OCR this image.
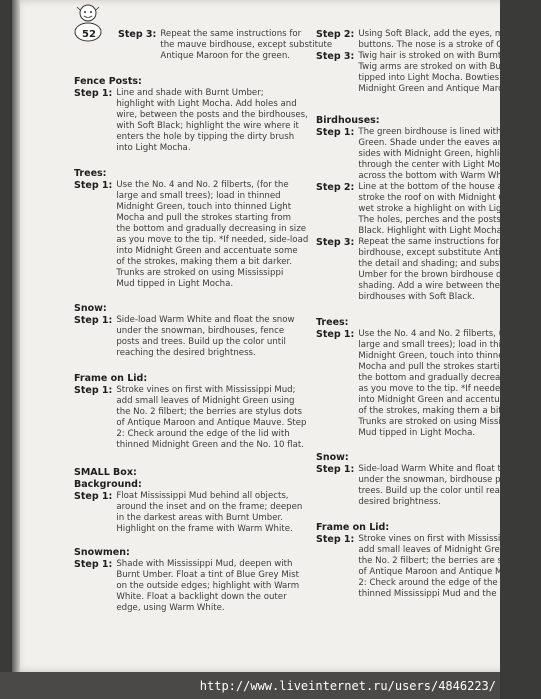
52	Step 3: Repeat the same instructions for
the mauve birdhouse, except substitute
Antique Maroon for the green.
Fence Posts:
Step 1: Line and shade with Burnt Umber;
highlight with Light Mocha. Add holes and
wire, between the posts and the birdhouses,
with Soft Black; highlight the wire where it
enters the hole by tipping the dirty brush
into Light Mocha.
Trees:
Step 1: Use the No. 4 and No. 2 filberts, (for the
large and small trees); load in thinned
Midnight Green, touch into thinned Light
Mocha and pull the strokes starting from
the bottom and gradually decreasing in size
as you move to the tip. *If needed, side-load
into Midnight Green and accentuate some
of the strokes, making them a bit darker.
Trunks are stroked on using Mississippi
Mud tipped in Light Mocha.
Snow:
Step 1: Side-load Warm White and float the snow
under the snowman, birdhouses, fence
posts and trees. Build up the color until
reaching the desired brightness.
Frame on Lid:
Step 1: Stroke vines on first with Mississippi Mud;
add small leaves of Midnight Green using
the No. 2 filbert; the berries are stylus dots
of Antique Maroon and Antique Mauve. Step
2: Check around the edge of the lid with
thinned Midnight Green and the No. 10 flat.
SMALL Box:
Background:
Step 1: Float Mississippi Mud behind all objects,
around the inset and on the frame; deepen
in the darkest areas with Burnt Umber.
Highlight on the frame with Warm White.
Snowmen:
Step 1: Shade with Mississippi Mud, deepen with
Burnt Umber. Float a tint of Blue Grey Mist
on the outside edges; highlight with Warm
White. Float a backlight down the outer
edge, using Warm White.
Step 2: Using Soft Black, add the eyes, mouth
buttons. The nose is a stroke of Ginger
Step 3: Twig hair is stroked on with Burnt Un
Twig arms are stroked on with Burnt U
tipped into Light Mocha. Bowties are
Midnight Green and Antique Maroon.
Birdhouses:
Step 1: The green birdhouse is lined with Midn
Green. Shade under the eaves and dow
sides with Midnight Green, highlight
through the center with Light Mocha;
across the bottom with Warm White.
Step 2: Line at the bottom of the house and
stroke the roof on with Midnight Green
wet stroke a highlight on with Light Mo
The holes, perches and the posts are S
Black. Highlight with Light Mocha in th
Step 3: Repeat the same instructions for the ma
birdhouse, except substitute Antique Maro
the detail and shading; and substitute Bu
Umber for the brown birdhouse detail and
shading. Add a wire between the two front
birdhouses with Soft Black.
Trees:
Step 1: Use the No. 4 and No. 2 filberts, (for
large and small trees); load in thinned
Midnight Green, touch into thinned Ligh
Mocha and pull the strokes starting fr
the bottom and gradually decreasing i
as you move to the tip. *If needed, sid
into Midnight Green and accentuate s
of the strokes, making them a bit dark
Trunks are stroked on using Mississip
Mud tipped in Light Mocha.
Snow:
Step 1: Side-load Warm White and float the sn
under the snowman, birdhouse posts a
trees. Build up the color until reaching
desired brightness.
Frame on Lid:
Step 1: Stroke vines on first with Mississippi
add small leaves of Midnight Green us
the No. 2 filbert; the berries are stylus
of Antique Maroon and Antique Mauve.
2: Check around the edge of the lid wit
thinned Mississippi Mud and the No. 10
http://www.liveinternet.ru/users/4846223/
